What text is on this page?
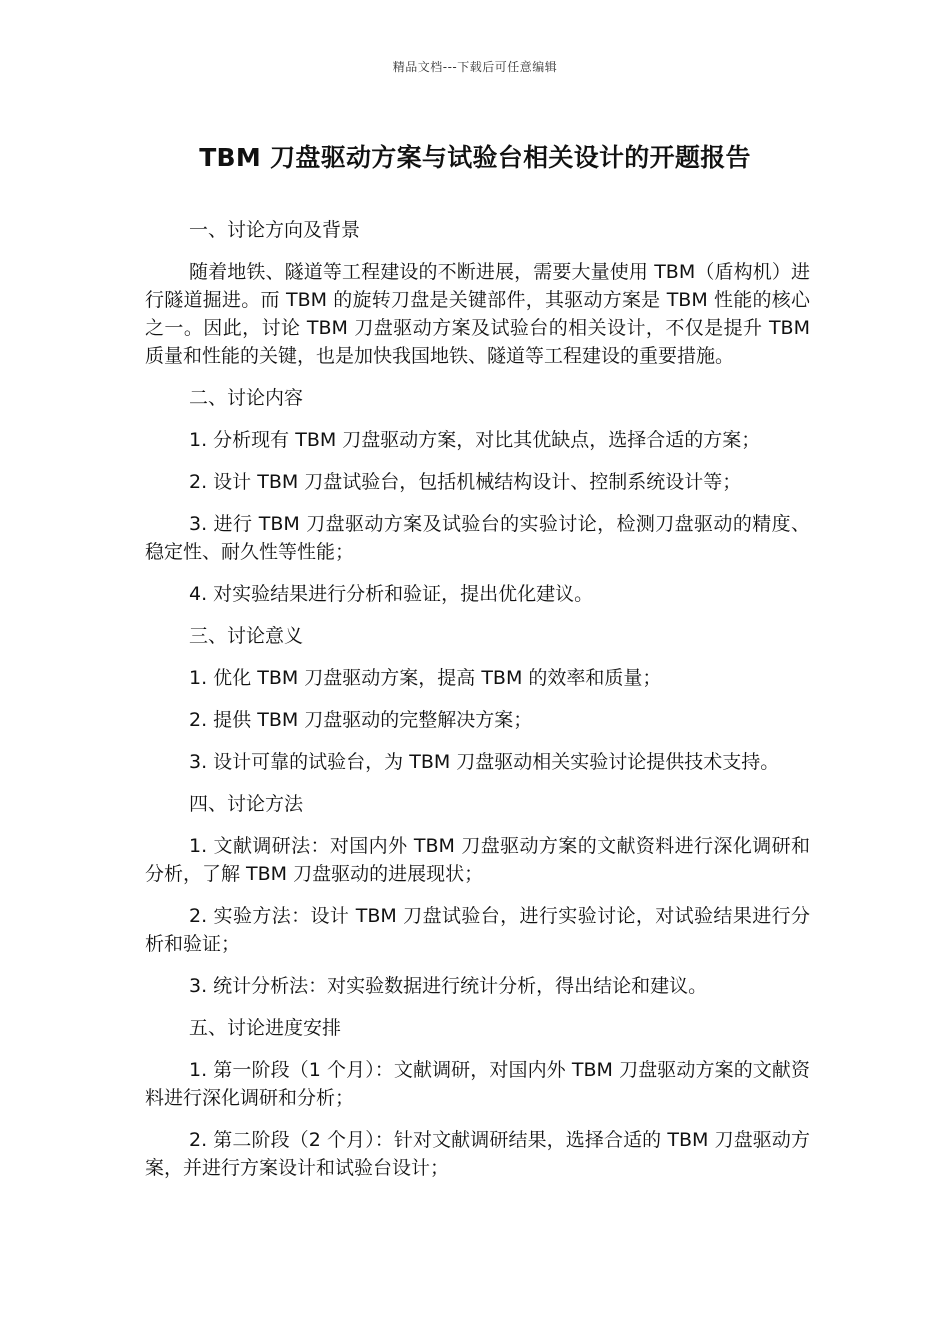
精品文档---下载后可任意编辑
TBM 刀盘驱动方案与试验台相关设计的开题报告

一、讨论方向及背景

随着地铁、隧道等工程建设的不断进展，需要大量使用 TBM（盾构机）进行隧道掘进。而 TBM 的旋转刀盘是关键部件，其驱动方案是 TBM 性能的核心之一。因此，讨论 TBM 刀盘驱动方案及试验台的相关设计，不仅是提升 TBM 质量和性能的关键，也是加快我国地铁、隧道等工程建设的重要措施。

二、讨论内容

1. 分析现有 TBM 刀盘驱动方案，对比其优缺点，选择合适的方案；

2. 设计 TBM 刀盘试验台，包括机械结构设计、控制系统设计等；

3. 进行 TBM 刀盘驱动方案及试验台的实验讨论，检测刀盘驱动的精度、稳定性、耐久性等性能；

4. 对实验结果进行分析和验证，提出优化建议。

三、讨论意义

1. 优化 TBM 刀盘驱动方案，提高 TBM 的效率和质量；

2. 提供 TBM 刀盘驱动的完整解决方案；

3. 设计可靠的试验台，为 TBM 刀盘驱动相关实验讨论提供技术支持。

四、讨论方法

1. 文献调研法：对国内外 TBM 刀盘驱动方案的文献资料进行深化调研和分析，了解 TBM 刀盘驱动的进展现状；

2. 实验方法：设计 TBM 刀盘试验台，进行实验讨论，对试验结果进行分析和验证；

3. 统计分析法：对实验数据进行统计分析，得出结论和建议。

五、讨论进度安排

1. 第一阶段（1 个月）：文献调研，对国内外 TBM 刀盘驱动方案的文献资料进行深化调研和分析；

2. 第二阶段（2 个月）：针对文献调研结果，选择合适的 TBM 刀盘驱动方案，并进行方案设计和试验台设计；
